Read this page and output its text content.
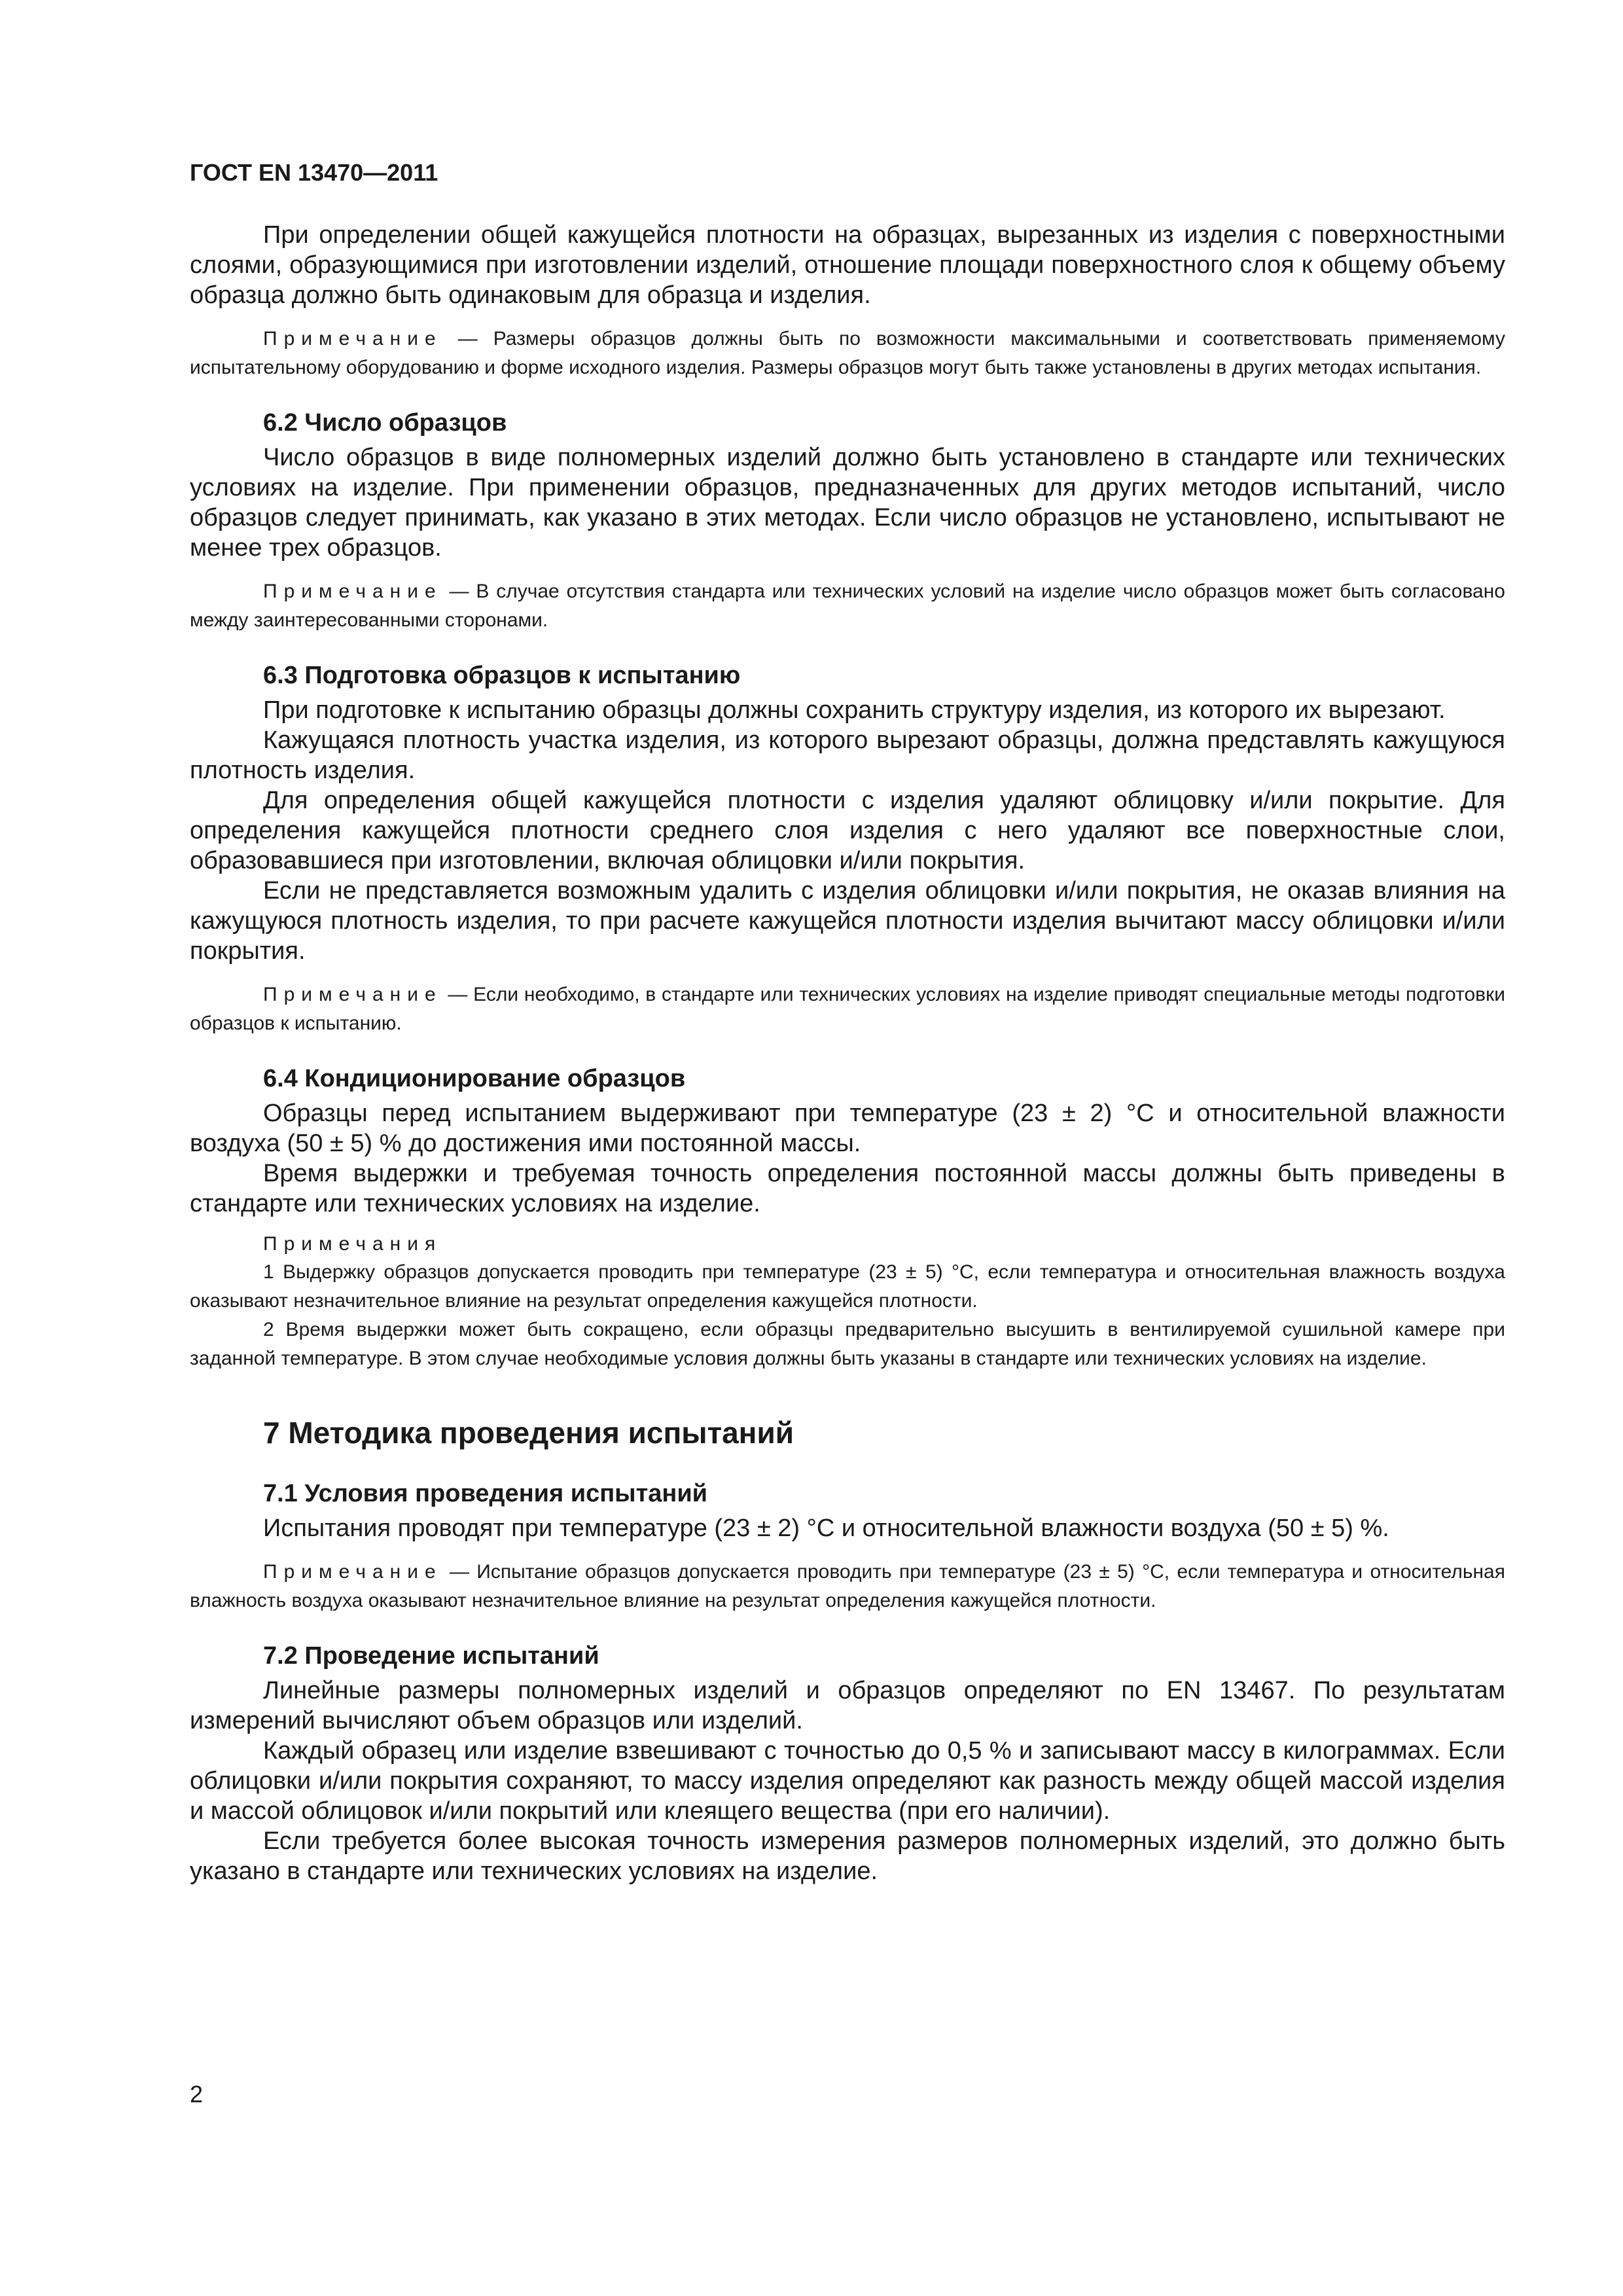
ГОСТ EN 13470—2011

При определении общей кажущейся плотности на образцах, вырезанных из изделия с поверхностными слоями, образующимися при изготовлении изделий, отношение площади поверхностного слоя к общему объему образца должно быть одинаковым для образца и изделия.

Примечание — Размеры образцов должны быть по возможности максимальными и соответствовать применяемому испытательному оборудованию и форме исходного изделия. Размеры образцов могут быть также установлены в других методах испытания.

6.2 Число образцов

Число образцов в виде полномерных изделий должно быть установлено в стандарте или технических условиях на изделие. При применении образцов, предназначенных для других методов испытаний, число образцов следует принимать, как указано в этих методах. Если число образцов не установлено, испытывают не менее трех образцов.

Примечание — В случае отсутствия стандарта или технических условий на изделие число образцов может быть согласовано между заинтересованными сторонами.

6.3 Подготовка образцов к испытанию

При подготовке к испытанию образцы должны сохранить структуру изделия, из которого их вырезают.

Кажущаяся плотность участка изделия, из которого вырезают образцы, должна представлять кажущуюся плотность изделия.

Для определения общей кажущейся плотности с изделия удаляют облицовку и/или покрытие. Для определения кажущейся плотности среднего слоя изделия с него удаляют все поверхностные слои, образовавшиеся при изготовлении, включая облицовки и/или покрытия.

Если не представляется возможным удалить с изделия облицовки и/или покрытия, не оказав влияния на кажущуюся плотность изделия, то при расчете кажущейся плотности изделия вычитают массу облицовки и/или покрытия.

Примечание — Если необходимо, в стандарте или технических условиях на изделие приводят специальные методы подготовки образцов к испытанию.

6.4 Кондиционирование образцов

Образцы перед испытанием выдерживают при температуре (23 ± 2) °С и относительной влажности воздуха (50 ± 5) % до достижения ими постоянной массы.

Время выдержки и требуемая точность определения постоянной массы должны быть приведены в стандарте или технических условиях на изделие.

Примечания

1 Выдержку образцов допускается проводить при температуре (23 ± 5) °С, если температура и относительная влажность воздуха оказывают незначительное влияние на результат определения кажущейся плотности.

2 Время выдержки может быть сокращено, если образцы предварительно высушить в вентилируемой сушильной камере при заданной температуре. В этом случае необходимые условия должны быть указаны в стандарте или технических условиях на изделие.

7 Методика проведения испытаний
7.1 Условия проведения испытаний

Испытания проводят при температуре (23 ± 2) °С и относительной влажности воздуха (50 ± 5) %.

Примечание — Испытание образцов допускается проводить при температуре (23 ± 5) °С, если температура и относительная влажность воздуха оказывают незначительное влияние на результат определения кажущейся плотности.

7.2 Проведение испытаний

Линейные размеры полномерных изделий и образцов определяют по EN 13467. По результатам измерений вычисляют объем образцов или изделий.

Каждый образец или изделие взвешивают с точностью до 0,5 % и записывают массу в килограммах. Если облицовки и/или покрытия сохраняют, то массу изделия определяют как разность между общей массой изделия и массой облицовок и/или покрытий или клеящего вещества (при его наличии).

Если требуется более высокая точность измерения размеров полномерных изделий, это должно быть указано в стандарте или технических условиях на изделие.

2
